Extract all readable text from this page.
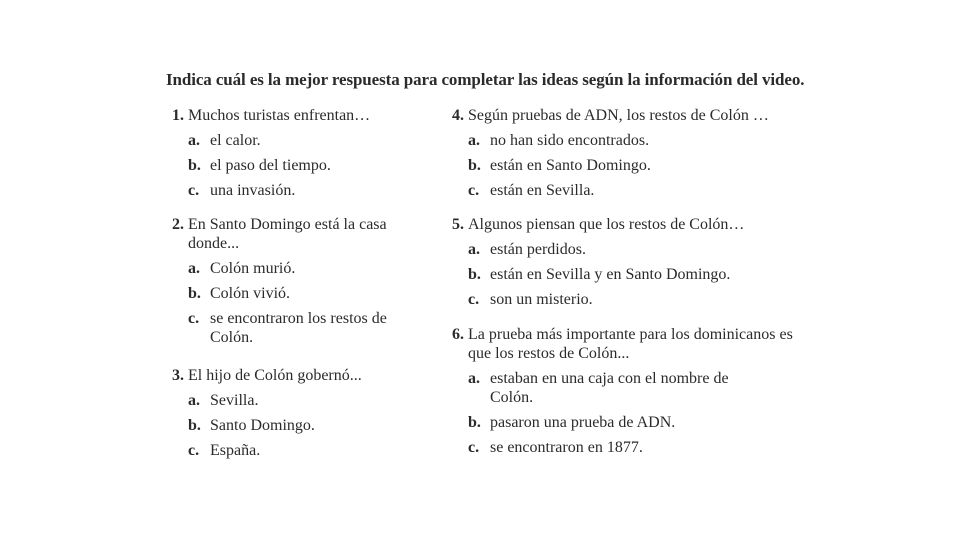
Indica cuál es la mejor respuesta para completar las ideas según la información del video.
1. Muchos turistas enfrentan…
a. el calor.
b. el paso del tiempo.
c. una invasión.
2. En Santo Domingo está la casa donde...
a. Colón murió.
b. Colón vivió.
c. se encontraron los restos de Colón.
3. El hijo de Colón gobernó...
a. Sevilla.
b. Santo Domingo.
c. España.
4. Según pruebas de ADN, los restos de Colón …
a. no han sido encontrados.
b. están en Santo Domingo.
c. están en Sevilla.
5. Algunos piensan que los restos de Colón…
a. están perdidos.
b. están en Sevilla y en Santo Domingo.
c. son un misterio.
6. La prueba más importante para los dominicanos es que los restos de Colón...
a. estaban en una caja con el nombre de Colón.
b. pasaron una prueba de ADN.
c. se encontraron en 1877.
